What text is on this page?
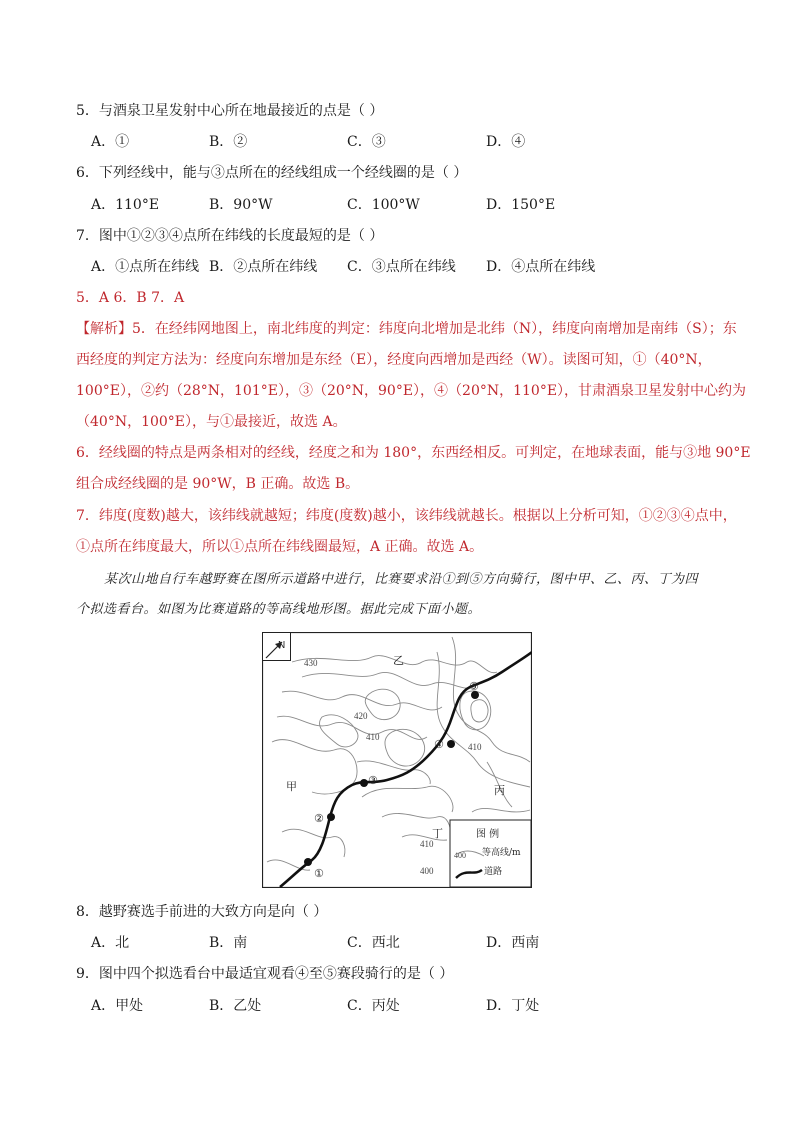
5．与酒泉卫星发射中心所在地最接近的点是（ ）
A．①	B．②	C．③	D．④
6．下列经线中，能与③点所在的经线组成一个经线圈的是（ ）
A．110°E	B．90°W	C．100°W	D．150°E
7．图中①②③④点所在纬线的长度最短的是（ ）
A．①点所在纬线 B．②点所在纬线 C．③点所在纬线 D．④点所在纬线
5．A 6．B 7．A
【解析】5．在经纬网地图上，南北纬度的判定：纬度向北增加是北纬（N），纬度向南增加是南纬（S）；东
西经度的判定方法为：经度向东增加是东经（E），经度向西增加是西经（W）。读图可知，①（40°N，
100°E），②约（28°N，101°E），③（20°N，90°E），④（20°N，110°E），甘肃酒泉卫星发射中心约为
（40°N，100°E），与①最接近，故选 A。
6．经线圈的特点是两条相对的经线，经度之和为 180°，东西经相反。可判定，在地球表面，能与③地 90°E
组合成经线圈的是 90°W，B 正确。故选 B。
7．纬度(度数)越大，该纬线就越短；纬度(度数)越小，该纬线就越长。根据以上分析可知，①②③④点中，
①点所在纬度最大，所以①点所在纬线圈最短，A 正确。故选 A。
某次山地自行车越野赛在图所示道路中进行，比赛要求沿①到⑤方向骑行，图中甲、乙、丙、丁为四
个拟选看台。如图为比赛道路的等高线地形图。据此完成下面小题。
N
①
②
③
④
⑤
甲
乙
丙
丁
430
420
410
410
410
400
图 例
400 等高线/m
道路
8．越野赛选手前进的大致方向是向（ ）
A．北	B．南	C．西北	D．西南
9．图中四个拟选看台中最适宜观看④至⑤赛段骑行的是（ ）
A．甲处	B．乙处	C．丙处	D．丁处
